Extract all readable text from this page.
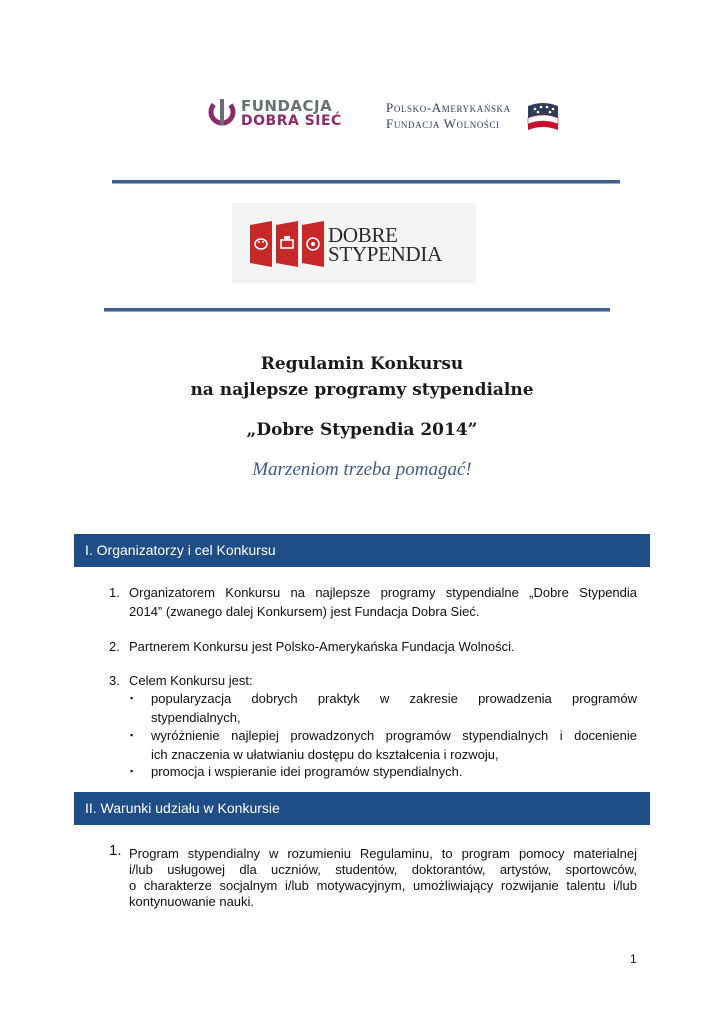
FUNDACJA
DOBRA SIEĆ
Polsko-Amerykańska
Fundacja Wolności
DOBRE
STYPENDIA
Regulamin Konkursu
na najlepsze programy stypendialne
„Dobre Stypendia 2014”
Marzeniom trzeba pomagać!
I. Organizatorzy i cel Konkursu
1. Organizatorem Konkursu na najlepsze programy stypendialne „Dobre Stypendia
2014” (zwanego dalej Konkursem) jest Fundacja Dobra Sieć.
2. Partnerem Konkursu jest Polsko-Amerykańska Fundacja Wolności.
3. Celem Konkursu jest:
▪ popularyzacja dobrych praktyk w zakresie prowadzenia programów
stypendialnych,
▪ wyróżnienie najlepiej prowadzonych programów stypendialnych i docenienie
ich znaczenia w ułatwianiu dostępu do kształcenia i rozwoju,
▪ promocja i wspieranie idei programów stypendialnych.
II. Warunki udziału w Konkursie
1. Program stypendialny w rozumieniu Regulaminu, to program pomocy materialnej
i/lub usługowej dla uczniów, studentów, doktorantów, artystów, sportowców,
o charakterze socjalnym i/lub motywacyjnym, umożliwiający rozwijanie talentu i/lub
kontynuowanie nauki.
1
